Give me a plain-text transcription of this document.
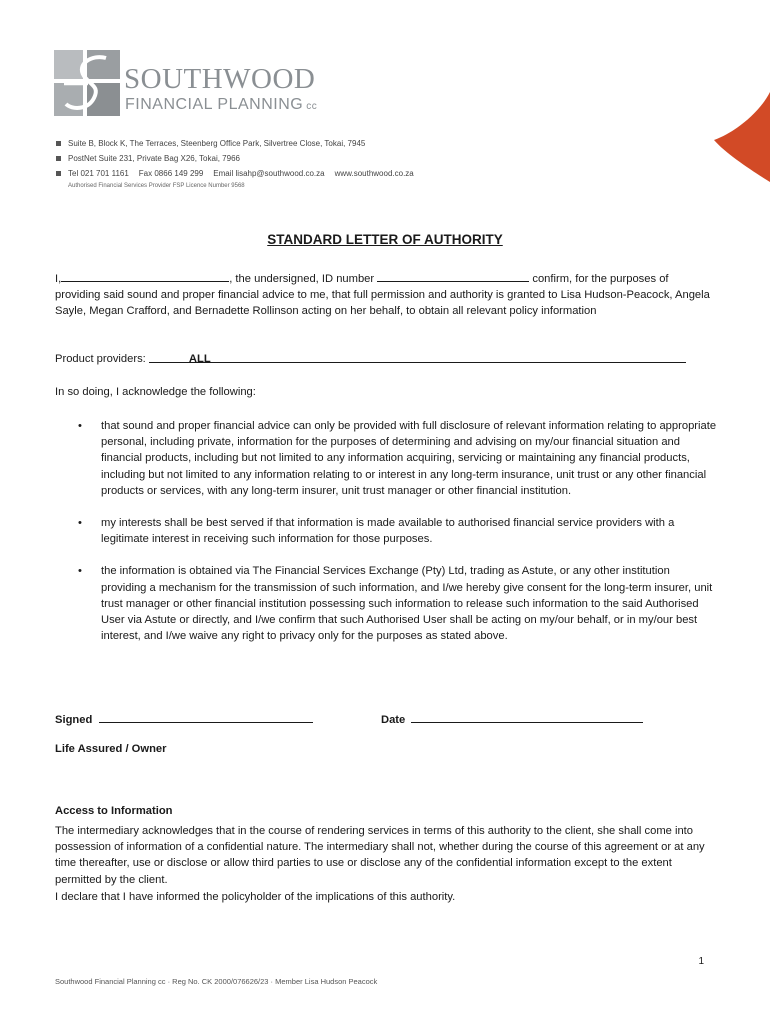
SOUTHWOOD
FINANCIAL PLANNING cc
Suite B, Block K, The Terraces, Steenberg Office Park, Silvertree Close, Tokai, 7945
PostNet Suite 231, Private Bag X26, Tokai, 7966
Tel 021 701 1161 Fax 0866 149 299 Email lisahp@southwood.co.za www.southwood.co.za
Authorised Financial Services Provider FSP Licence Number 9568
STANDARD LETTER OF AUTHORITY
I,	, the undersigned, ID number	confirm, for the purposes of providing said sound and proper financial advice to me, that full permission and authority is granted to Lisa Hudson-Peacock, Angela Sayle, Megan Crafford, and Bernadette Rollinson acting on her behalf, to obtain all relevant policy information
Product providers:	ALL
In so doing, I acknowledge the following:
• that sound and proper financial advice can only be provided with full disclosure of relevant information relating to appropriate personal, including private, information for the purposes of determining and advising on my/our financial situation and financial products, including but not limited to any information acquiring, servicing or maintaining any financial products, including but not limited to any information relating to or interest in any long-term insurance, unit trust or any other financial products or services, with any long-term insurer, unit trust manager or other financial institution.
• my interests shall be best served if that information is made available to authorised financial service providers with a legitimate interest in receiving such information for those purposes.
• the information is obtained via The Financial Services Exchange (Pty) Ltd, trading as Astute, or any other institution providing a mechanism for the transmission of such information, and I/we hereby give consent for the long-term insurer, unit trust manager or other financial institution possessing such information to release such information to the said Authorised User via Astute or directly, and I/we confirm that such Authorised User shall be acting on my/our behalf, or in my/our best interest, and I/we waive any right to privacy only for the purposes as stated above.
Signed	Date
Life Assured / Owner
Access to Information
The intermediary acknowledges that in the course of rendering services in terms of this authority to the client, she shall come into possession of information of a confidential nature. The intermediary shall not, whether during the course of this agreement or at any time thereafter, use or disclose or allow third parties to use or disclose any of the confidential information except to the extent permitted by the client.
I declare that I have informed the policyholder of the implications of this authority.
1
Southwood Financial Planning cc · Reg No. CK 2000/076626/23 · Member Lisa Hudson Peacock
